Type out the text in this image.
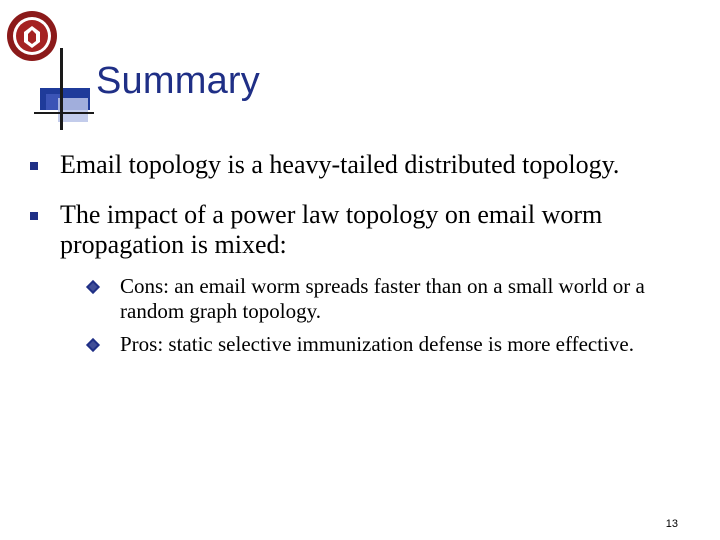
Summary
Email topology is a heavy-tailed distributed topology.
The impact of a power law topology on email worm propagation is mixed:
Cons: an email worm spreads faster than on a small world or a random graph topology.
Pros: static selective immunization defense is more effective.
13
